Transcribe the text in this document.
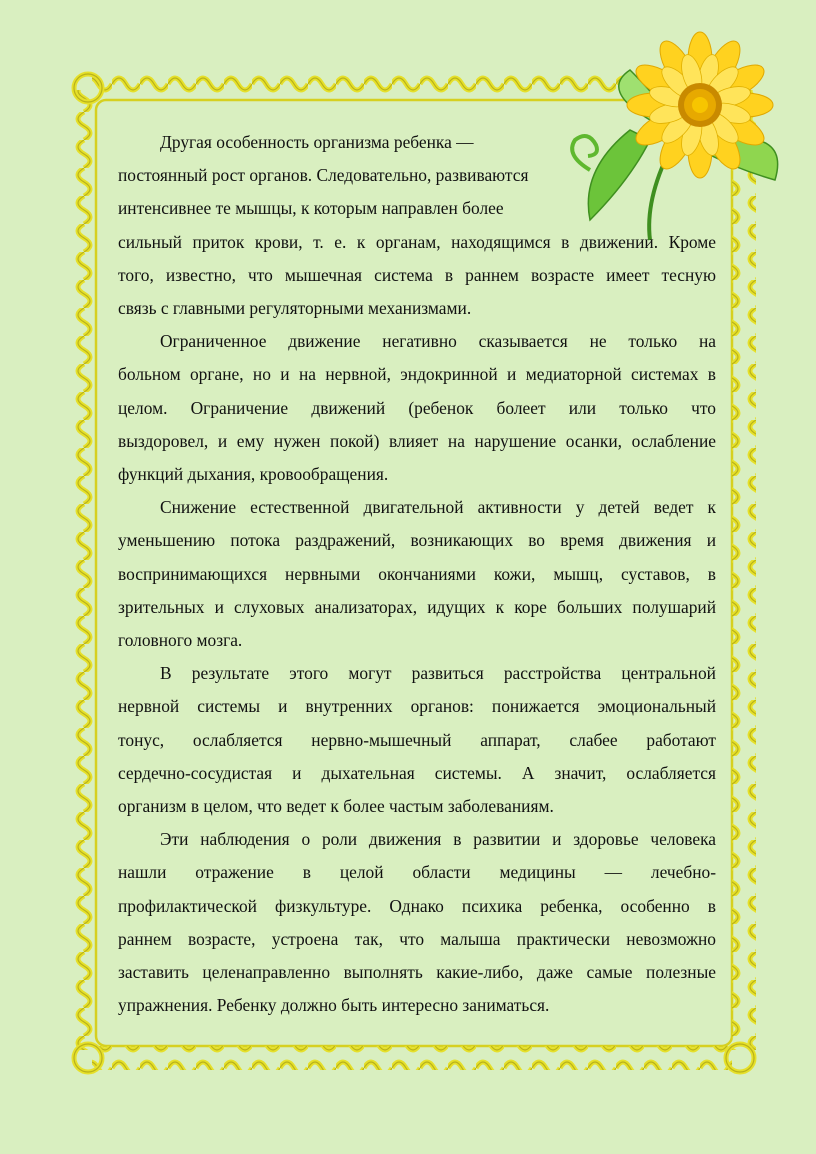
Другая особенность организма ребенка —
постоянный рост органов. Следовательно, развиваются
интенсивнее те мышцы, к которым направлен более
сильный приток крови, т. е. к органам, находящимся в движении. Кроме
того, известно, что мышечная система в раннем возрасте имеет тесную
связь с главными регуляторными механизмами.

Ограниченное движение негативно сказывается не только на
больном органе, но и на нервной, эндокринной и медиаторной системах в
целом. Ограничение движений (ребенок болеет или только что
выздоровел, и ему нужен покой) влияет на нарушение осанки, ослабление
функций дыхания, кровообращения.

Снижение естественной двигательной активности у детей ведет к
уменьшению потока раздражений, возникающих во время движения и
воспринимающихся нервными окончаниями кожи, мышц, суставов, в
зрительных и слуховых анализаторах, идущих к коре больших полушарий
головного мозга.

В результате этого могут развиться расстройства центральной
нервной системы и внутренних органов: понижается эмоциональный
тонус, ослабляется нервно-мышечный аппарат, слабее работают
сердечно-сосудистая и дыхательная системы. А значит, ослабляется
организм в целом, что ведет к более частым заболеваниям.

Эти наблюдения о роли движения в развитии и здоровье человека
нашли отражение в целой области медицины — лечебно-
профилактической физкультуре. Однако психика ребенка, особенно в
раннем возрасте, устроена так, что малыша практически невозможно
заставить целенаправленно выполнять какие-либо, даже самые полезные
упражнения. Ребенку должно быть интересно заниматься.
